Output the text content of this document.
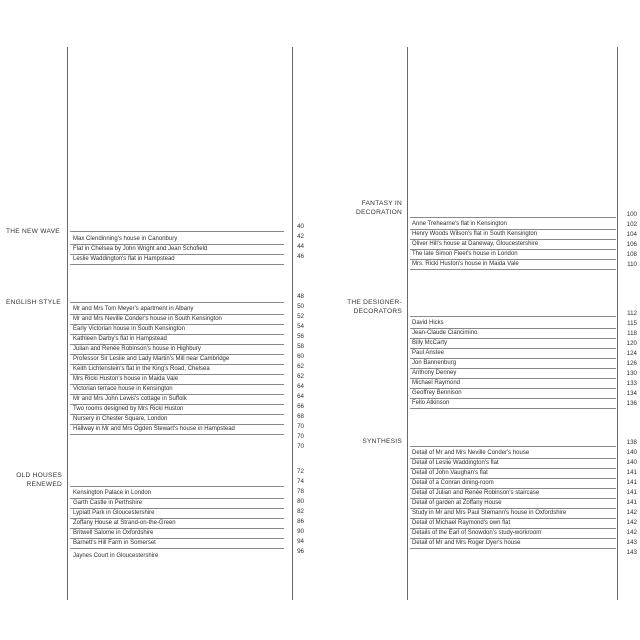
THE NEW WAVE
Max Clendinning's house in Canonbury
Flat in Chelsea by John Wright and Jean Schofield
Leslie Waddington's flat in Hampstead
40
42
44
46
ENGLISH STYLE
Mr and Mrs Tom Meyer's apartment in Albany
Mr and Mrs Neville Conder's house in South Kensington
Early Victorian house in South Kensington
Kathleen Darby's flat in Hampstead
Julian and Renée Robinson's house in Highbury
Professor Sir Leslie and Lady Martin's Mill near Cambridge
Keith Lichtenstein's flat in the King's Road, Chelsea
Mrs Ricki Huston's house in Maida Vale
Victorian terrace house in Kensington
Mr and Mrs John Lewis's cottage in Suffolk
Two rooms designed by Mrs Ricki Huston
Nursery in Chester Square, London
Hallway in Mr and Mrs Ogden Stewart's house in Hampstead
48
50
52
54
56
58
60
62
62
64
64
66
68
70
70
70
OLD HOUSES
RENEWED
Kensington Palace in London
Garth Castle in Perthshire
Lypiatt Park in Gloucestershire
Zoffany House at Strand-on-the-Green
Britwell Salome in Oxfordshire
Barnett's Hill Farm in Somerset
Jaynes Court in Gloucestershire
72
74
78
80
82
86
90
94
96
FANTASY IN
DECORATION
Anne Trehearne's flat in Kensington
Henry Woods Wilson's flat in South Kensington
Oliver Hill's house at Daneway, Gloucestershire
The late Simon Fleet's house in London
Mrs. Ricki Huston's house in Maida Vale
100
102
104
106
108
110
THE DESIGNER-
DECORATORS
David Hicks
Jean-Claude Ciancimino
Billy McCarty
Paul Anstee
Jon Bannenburg
Anthony Denney
Michael Raymond
Geoffrey Bennison
Fello Atkinson
112
115
118
120
124
126
130
133
134
136
SYNTHESIS
Detail of Mr and Mrs Neville Conder's house
Detail of Leslie Waddington's flat
Detail of John Vaughan's flat
Detail of a Conran dining-room
Detail of Julian and Renée Robinson's staircase
Detail of garden at Zoffany House
Study in Mr and Mrs Paul Stemann's house in Oxfordshire
Detail of Michael Raymond's own flat
Details of the Earl of Snowdon's study-workroom
Detail of Mr and Mrs Roger Dyer's house
138
140
140
141
141
141
141
142
142
142
143
143
